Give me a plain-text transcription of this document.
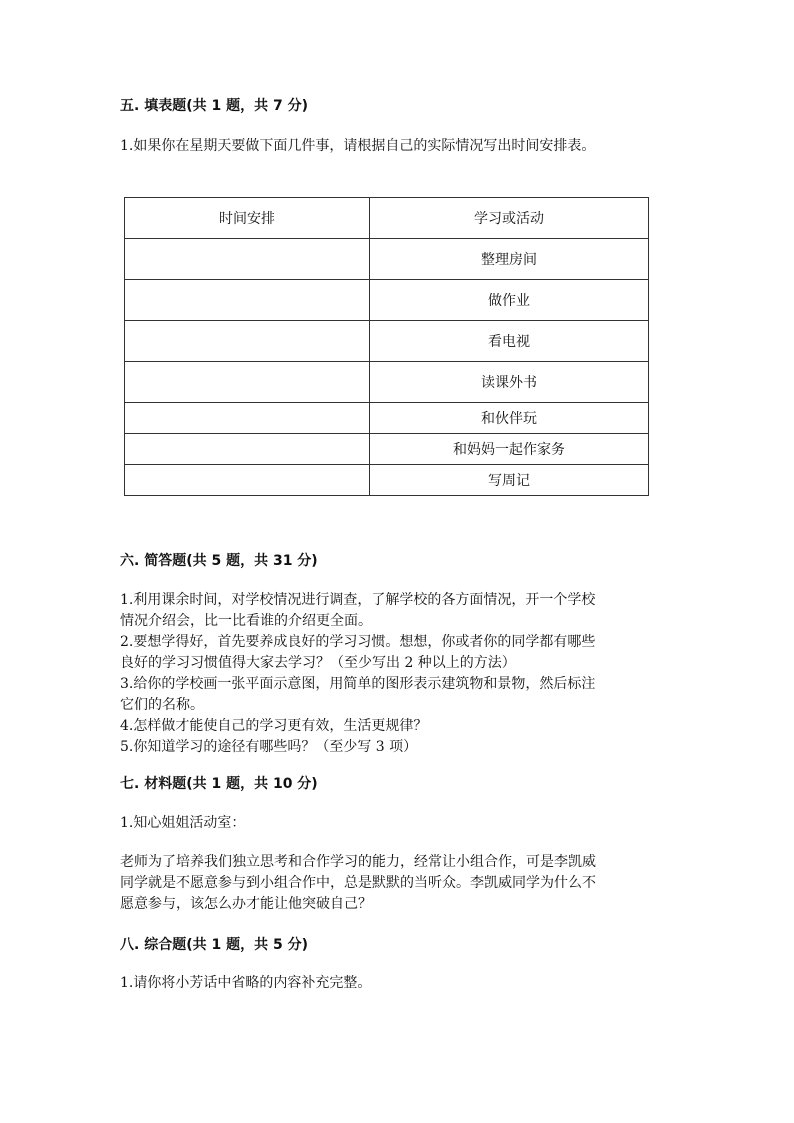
五. 填表题(共 1 题，共 7 分)
1.如果你在星期天要做下面几件事，请根据自己的实际情况写出时间安排表。
时间安排	学习或活动
	整理房间
	做作业
	看电视
	读课外书
	和伙伴玩
	和妈妈一起作家务
	写周记
六. 简答题(共 5 题，共 31 分)
1.利用课余时间，对学校情况进行调查，了解学校的各方面情况，开一个学校
情况介绍会，比一比看谁的介绍更全面。
2.要想学得好，首先要养成良好的学习习惯。想想，你或者你的同学都有哪些
良好的学习习惯值得大家去学习？（至少写出 2 种以上的方法）
3.给你的学校画一张平面示意图，用简单的图形表示建筑物和景物，然后标注
它们的名称。
4.怎样做才能使自己的学习更有效，生活更规律？
5.你知道学习的途径有哪些吗？（至少写 3 项）
七. 材料题(共 1 题，共 10 分)
1.知心姐姐活动室：
老师为了培养我们独立思考和合作学习的能力，经常让小组合作，可是李凯威
同学就是不愿意参与到小组合作中，总是默默的当听众。李凯威同学为什么不
愿意参与，该怎么办才能让他突破自己？
八. 综合题(共 1 题，共 5 分)
1.请你将小芳话中省略的内容补充完整。
